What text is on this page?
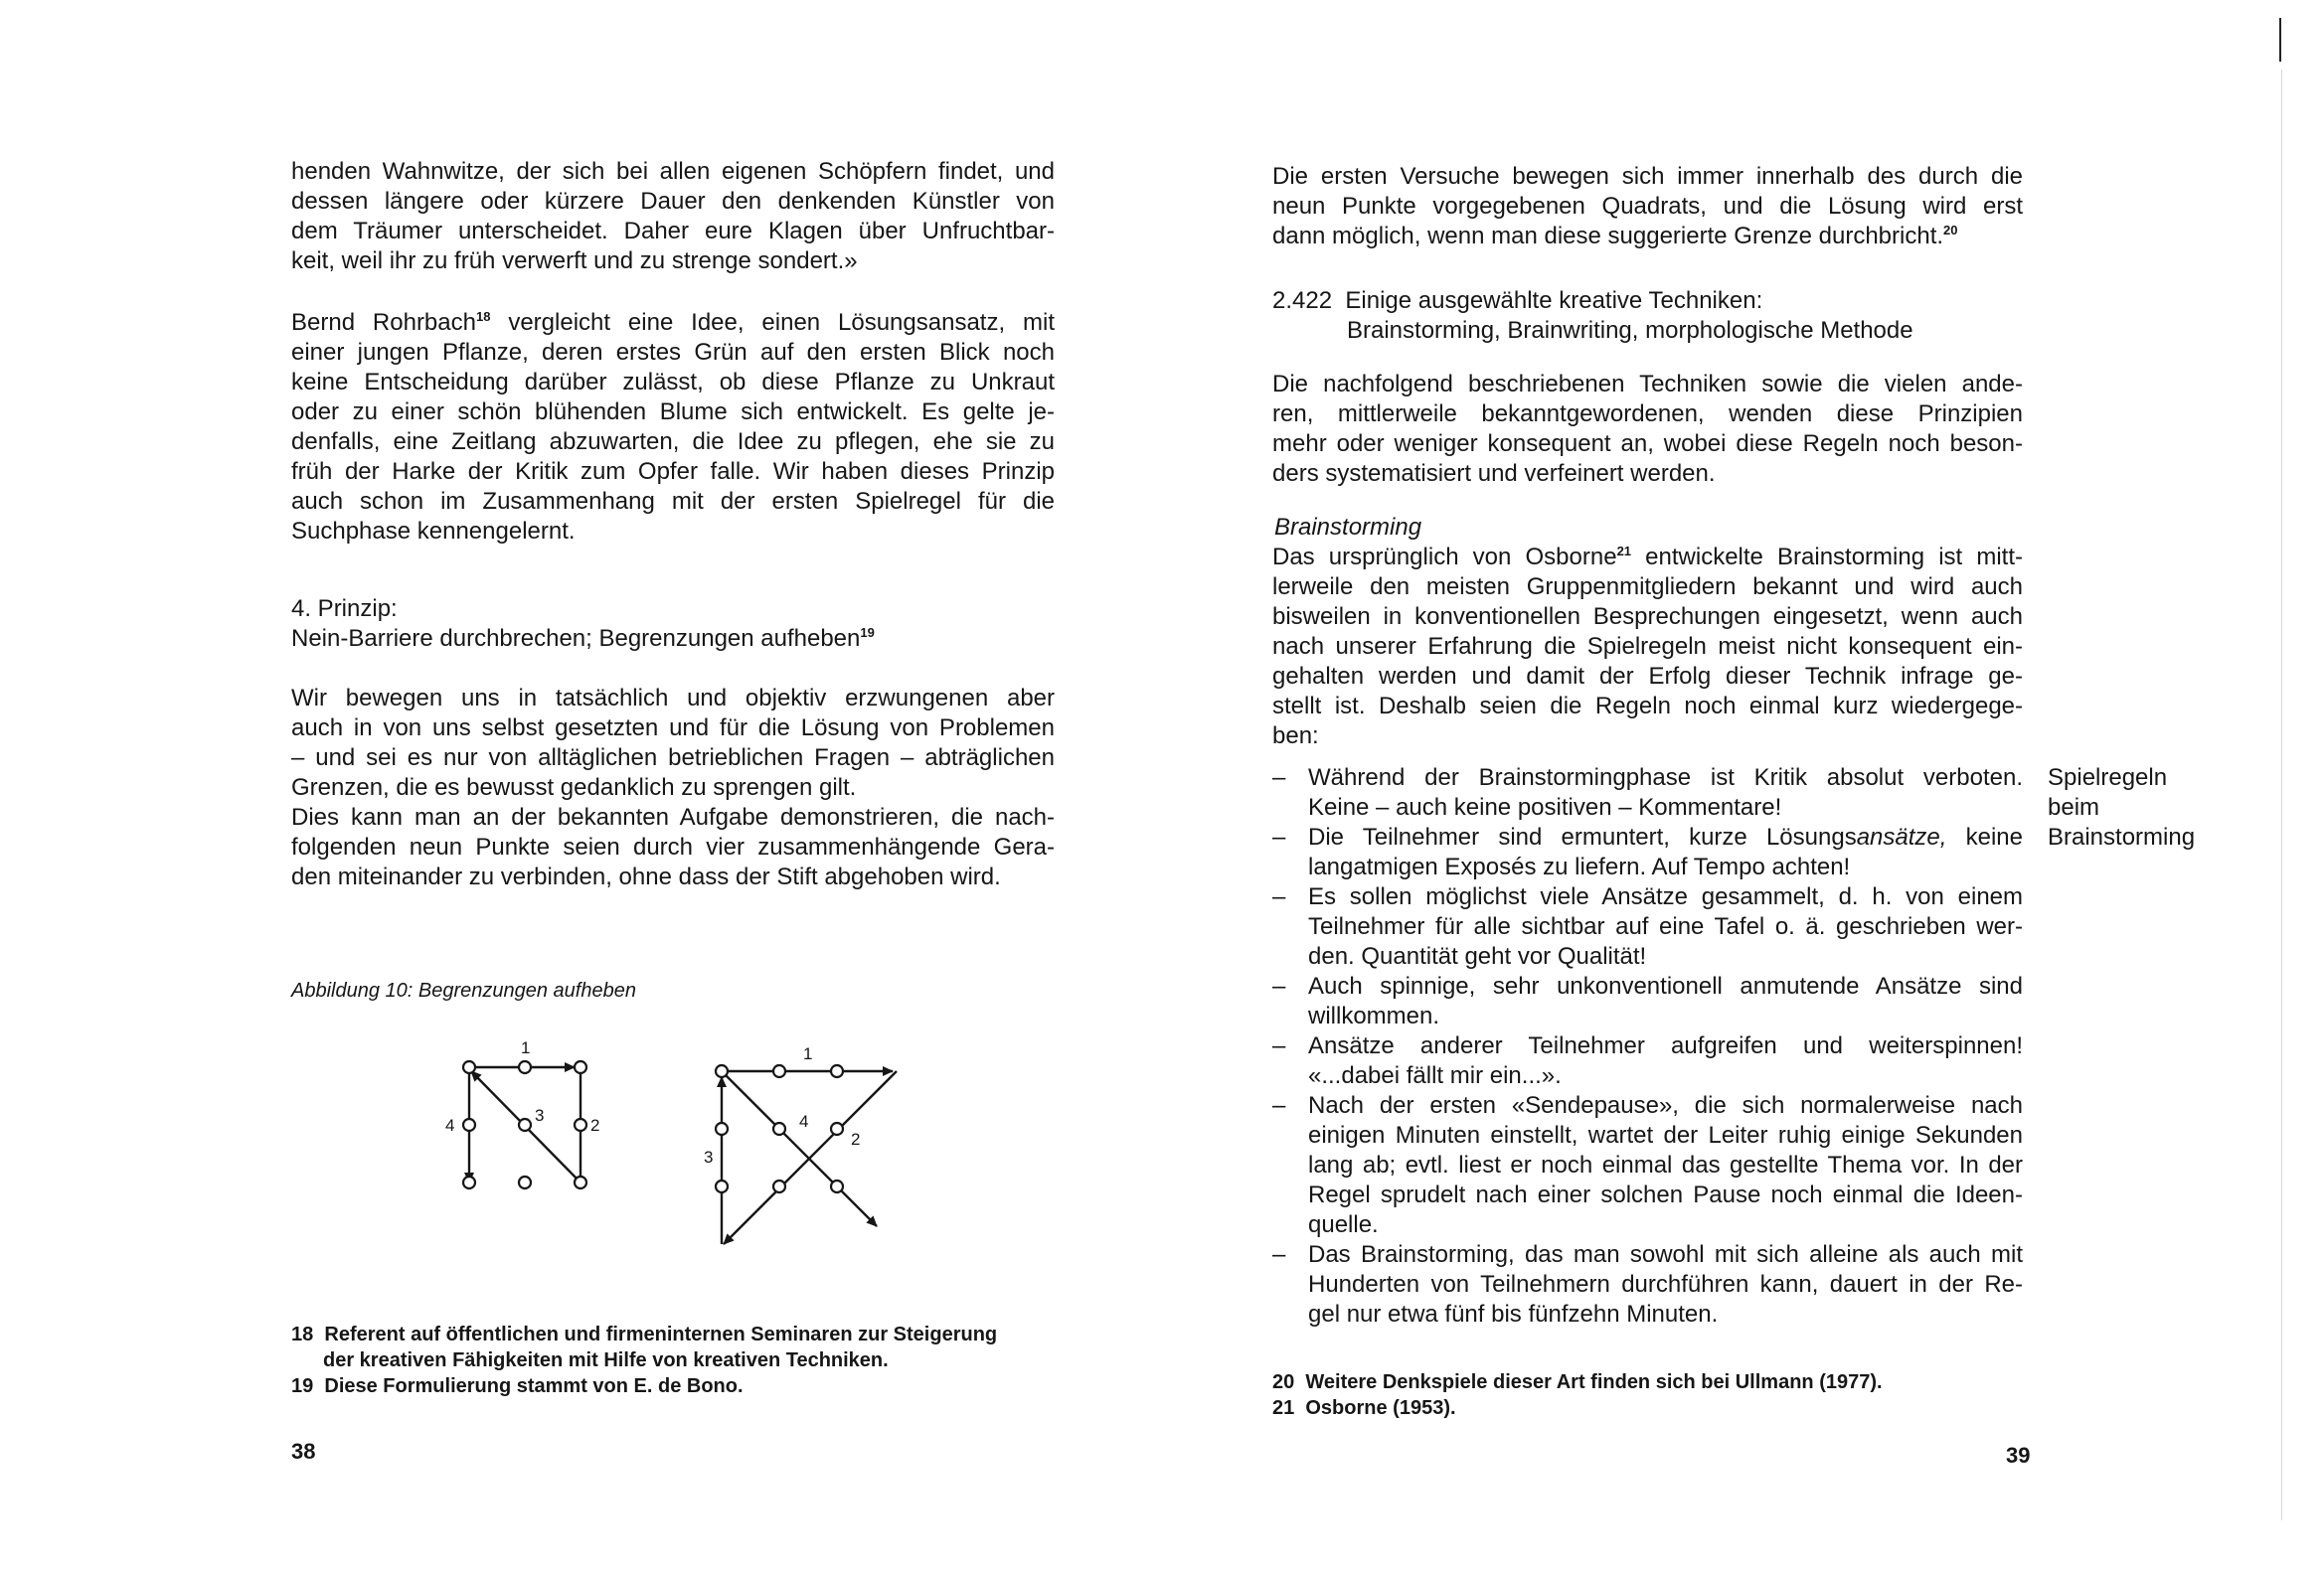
henden Wahnwitze, der sich bei allen eigenen Schöpfern findet, und
dessen längere oder kürzere Dauer den denkenden Künstler von
dem Träumer unterscheidet. Daher eure Klagen über Unfruchtbar-
keit, weil ihr zu früh verwerft und zu strenge sondert.»

Bernd Rohrbach$^{18}$ vergleicht eine Idee, einen Lösungsansatz, mit
einer jungen Pflanze, deren erstes Grün auf den ersten Blick noch
keine Entscheidung darüber zulässt, ob diese Pflanze zu Unkraut
oder zu einer schön blühenden Blume sich entwickelt. Es gelte je-
denfalls, eine Zeitlang abzuwarten, die Idee zu pflegen, ehe sie zu
früh der Harke der Kritik zum Opfer falle. Wir haben dieses Prinzip
auch schon im Zusammenhang mit der ersten Spielregel für die
Suchphase kennengelernt.

4. Prinzip:
Nein-Barriere durchbrechen; Begrenzungen aufheben$^{19}$

Wir bewegen uns in tatsächlich und objektiv erzwungenen aber
auch in von uns selbst gesetzten und für die Lösung von Problemen
– und sei es nur von alltäglichen betrieblichen Fragen – abträglichen
Grenzen, die es bewusst gedanklich zu sprengen gilt.

Dies kann man an der bekannten Aufgabe demonstrieren, die nach-
folgenden neun Punkte seien durch vier zusammenhängende Gera-
den miteinander zu verbinden, ohne dass der Stift abgehoben wird.

Abbildung 10: Begrenzungen aufheben
1
2
3
4
1
2
3
4
18 Referent auf öffentlichen und firmeninternen Seminaren zur Steigerung
der kreativen Fähigkeiten mit Hilfe von kreativen Techniken.
19 Diese Formulierung stammt von E. de Bono.
38

Die ersten Versuche bewegen sich immer innerhalb des durch die
neun Punkte vorgegebenen Quadrats, und die Lösung wird erst
dann möglich, wenn man diese suggerierte Grenze durchbricht.$^{20}$

2.422 Einige ausgewählte kreative Techniken:
Brainstorming, Brainwriting, morphologische Methode

Die nachfolgend beschriebenen Techniken sowie die vielen ande-
ren, mittlerweile bekanntgewordenen, wenden diese Prinzipien
mehr oder weniger konsequent an, wobei diese Regeln noch beson-
ders systematisiert und verfeinert werden.

Brainstorming

Das ursprünglich von Osborne$^{21}$ entwickelte Brainstorming ist mitt-
lerweile den meisten Gruppenmitgliedern bekannt und wird auch
bisweilen in konventionellen Besprechungen eingesetzt, wenn auch
nach unserer Erfahrung die Spielregeln meist nicht konsequent ein-
gehalten werden und damit der Erfolg dieser Technik infrage ge-
stellt ist. Deshalb seien die Regeln noch einmal kurz wiedergege-
ben:

– Während der Brainstormingphase ist Kritik absolut verboten.
Keine – auch keine positiven – Kommentare!
– Die Teilnehmer sind ermuntert, kurze Lösungsansätze, keine
langatmigen Exposés zu liefern. Auf Tempo achten!
– Es sollen möglichst viele Ansätze gesammelt, d. h. von einem
Teilnehmer für alle sichtbar auf eine Tafel o. ä. geschrieben wer-
den. Quantität geht vor Qualität!
– Auch spinnige, sehr unkonventionell anmutende Ansätze sind
willkommen.
– Ansätze anderer Teilnehmer aufgreifen und weiterspinnen!
«...dabei fällt mir ein...».
– Nach der ersten «Sendepause», die sich normalerweise nach
einigen Minuten einstellt, wartet der Leiter ruhig einige Sekunden
lang ab; evtl. liest er noch einmal das gestellte Thema vor. In der
Regel sprudelt nach einer solchen Pause noch einmal die Ideen-
quelle.
– Das Brainstorming, das man sowohl mit sich alleine als auch mit
Hunderten von Teilnehmern durchführen kann, dauert in der Re-
gel nur etwa fünf bis fünfzehn Minuten.
Spielregeln
beim
Brainstorming
20 Weitere Denkspiele dieser Art finden sich bei Ullmann (1977).
21 Osborne (1953).
39
